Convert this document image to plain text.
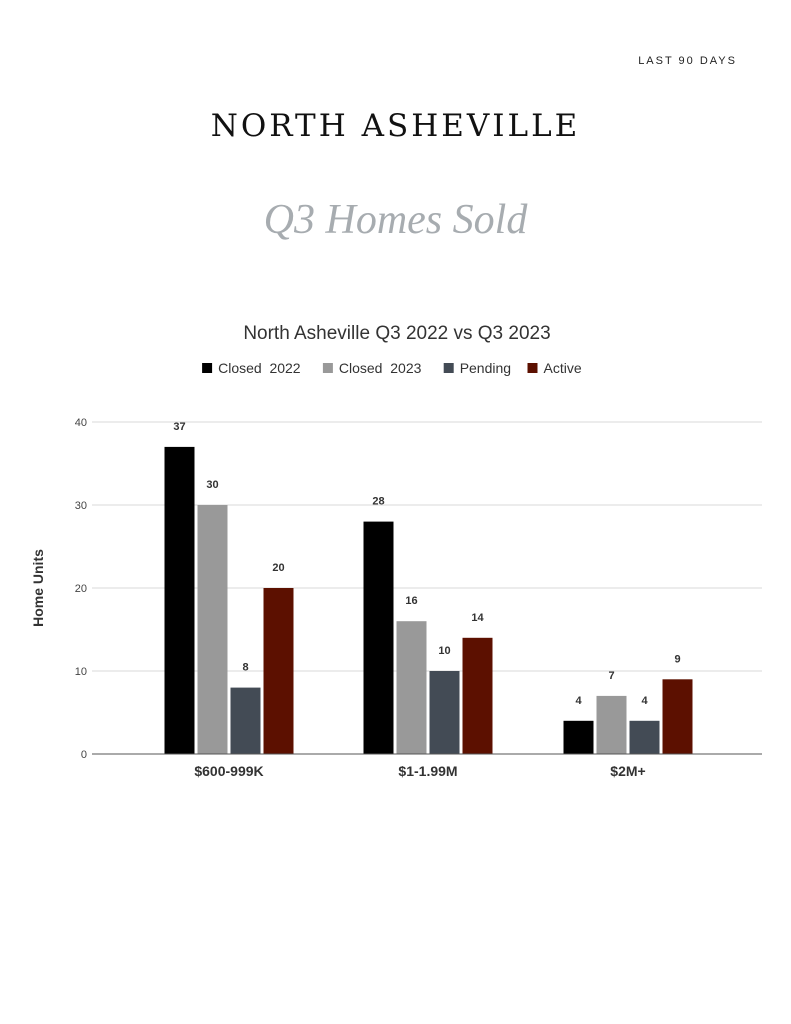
LAST 90 DAYS
NORTH ASHEVILLE
Q3 Homes Sold
North Asheville Q3 2022 vs Q3 2023
Closed  2022	Closed  2023	Pending Active
0
10
20
30
40
Home Units
37
30
8
20
28
16
10
14
4
7
4
9
$600-999K	$1-1.99M	$2M+
